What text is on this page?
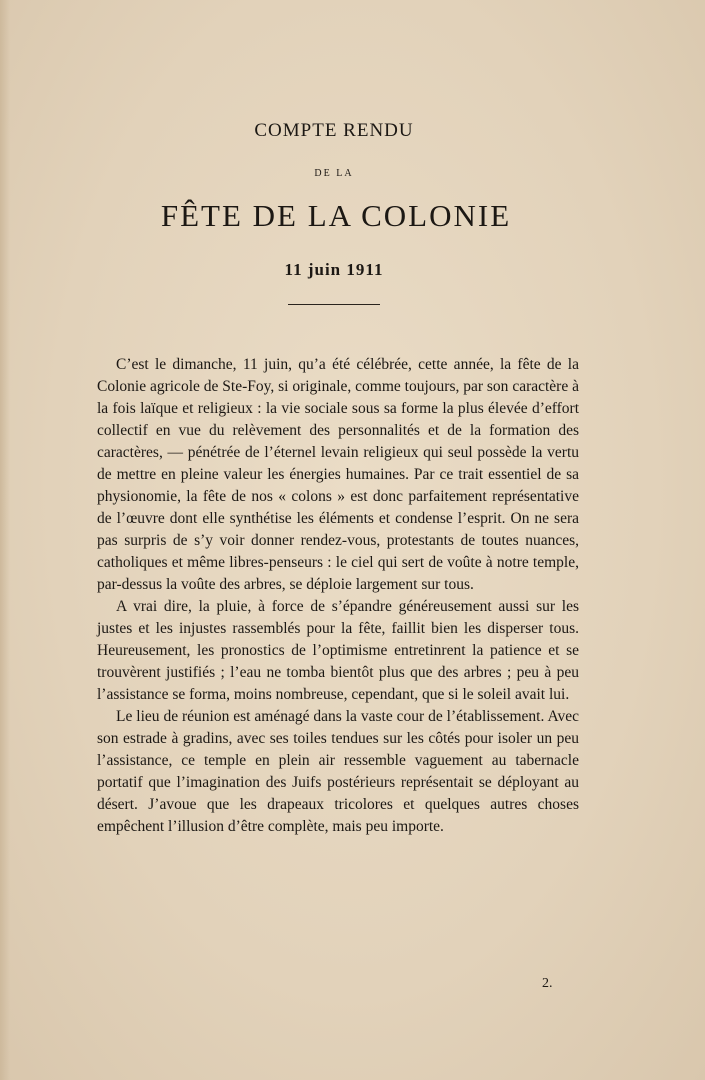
COMPTE RENDU
DE LA
FÊTE DE LA COLONIE
11 juin 1911

C’est le dimanche, 11 juin, qu’a été célébrée, cette année, la fête de la Colonie agricole de Ste-Foy, si originale, comme toujours, par son caractère à la fois laïque et religieux : la vie sociale sous sa forme la plus élevée d’effort collectif en vue du relèvement des personnalités et de la formation des caractères, — pénétrée de l’éternel levain religieux qui seul possède la vertu de mettre en pleine valeur les énergies humaines. Par ce trait essentiel de sa physionomie, la fête de nos « colons » est donc parfaitement représentative de l’œuvre dont elle synthétise les éléments et condense l’esprit. On ne sera pas surpris de s’y voir donner rendez-vous, protestants de toutes nuances, catholiques et même libres-penseurs : le ciel qui sert de voûte à notre temple, par-dessus la voûte des arbres, se déploie largement sur tous.

A vrai dire, la pluie, à force de s’épandre généreusement aussi sur les justes et les injustes rassemblés pour la fête, faillit bien les disperser tous. Heureusement, les pronostics de l’optimisme entretinrent la patience et se trouvèrent justifiés ; l’eau ne tomba bientôt plus que des arbres ; peu à peu l’assistance se forma, moins nombreuse, cependant, que si le soleil avait lui.

Le lieu de réunion est aménagé dans la vaste cour de l’établissement. Avec son estrade à gradins, avec ses toiles tendues sur les côtés pour isoler un peu l’assistance, ce temple en plein air ressemble vaguement au tabernacle portatif que l’imagination des Juifs postérieurs représentait se déployant au désert. J’avoue que les drapeaux tricolores et quelques autres choses empêchent l’illusion d’être complète, mais peu importe.

2.
